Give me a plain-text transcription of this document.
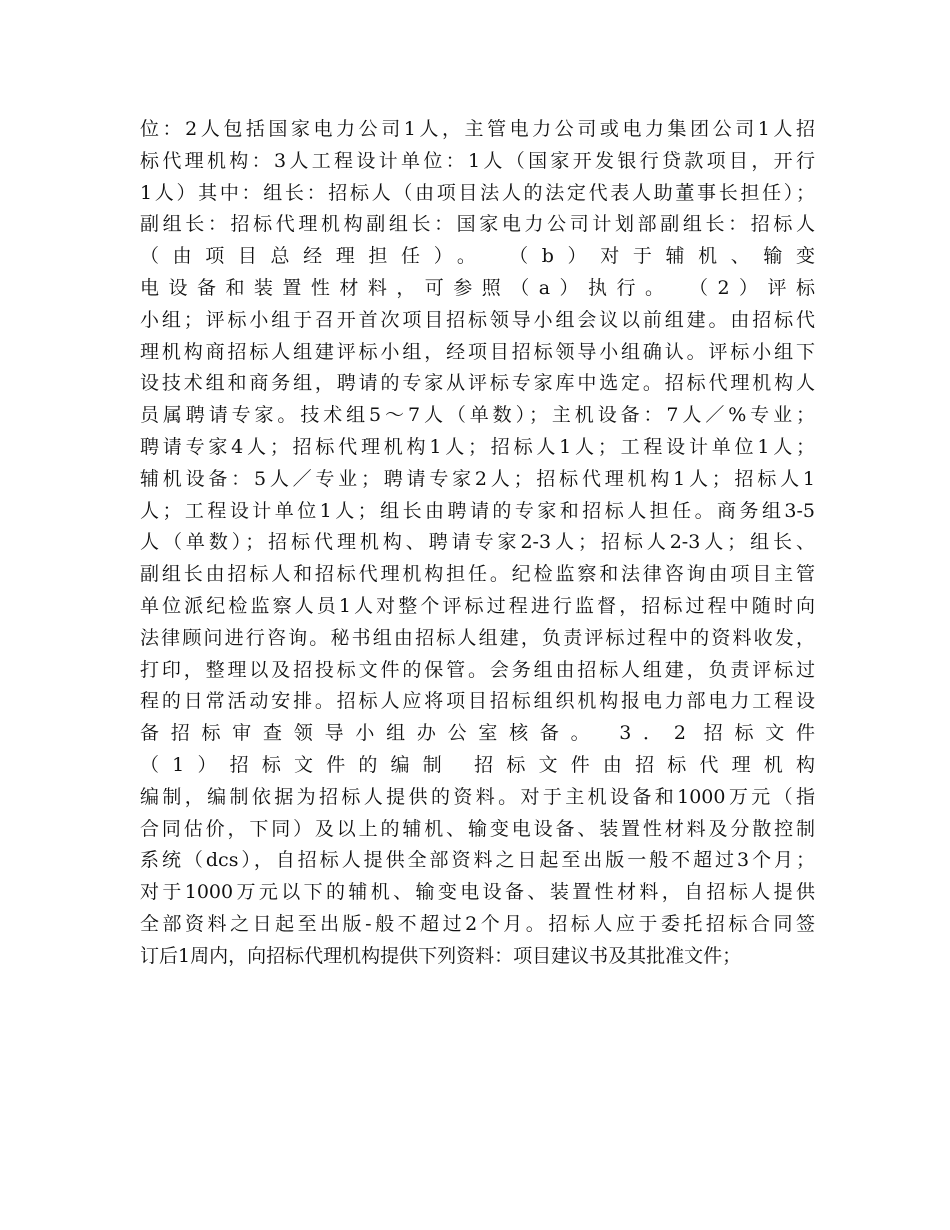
位：2人包括国家电力公司1人，主管电力公司或电力集团公司1人招
标代理机构：3人工程设计单位：1人（国家开发银行贷款项目，开行
1人）其中：组长：招标人（由项目法人的法定代表人助董事长担任）；
副组长：招标代理机构副组长：国家电力公司计划部副组长：招标人
（由项目总经理担任）。 （b）对于辅机、输变
电设备和装置性材料，可参照（a）执行。 （2）评标
小组；评标小组于召开首次项目招标领导小组会议以前组建。由招标代
理机构商招标人组建评标小组，经项目招标领导小组确认。评标小组下
设技术组和商务组，聘请的专家从评标专家库中选定。招标代理机构人
员属聘请专家。技术组5～7人（单数）；主机设备：7人／%专业；
聘请专家4人；招标代理机构1人；招标人1人；工程设计单位1人；
辅机设备：5人／专业；聘请专家2人；招标代理机构1人；招标人1
人；工程设计单位1人；组长由聘请的专家和招标人担任。商务组3-5
人（单数）；招标代理机构、聘请专家2-3人；招标人2-3人；组长、
副组长由招标人和招标代理机构担任。纪检监察和法律咨询由项目主管
单位派纪检监察人员1人对整个评标过程进行监督，招标过程中随时向
法律顾问进行咨询。秘书组由招标人组建，负责评标过程中的资料收发，
打印，整理以及招投标文件的保管。会务组由招标人组建，负责评标过
程的日常活动安排。招标人应将项目招标组织机构报电力部电力工程设
备招标审查领导小组办公室核备。 3．2 招标文件
（1）招标文件的编制 招标文件由招标代理机构
编制，编制依据为招标人提供的资料。对于主机设备和1000万元（指
合同估价，下同）及以上的辅机、输变电设备、装置性材料及分散控制
系统（dcs），自招标人提供全部资料之日起至出版一般不超过3个月；
对于1000万元以下的辅机、输变电设备、装置性材料，自招标人提供
全部资料之日起至出版-般不超过2个月。招标人应于委托招标合同签
订后1周内，向招标代理机构提供下列资料：项目建议书及其批准文件；
